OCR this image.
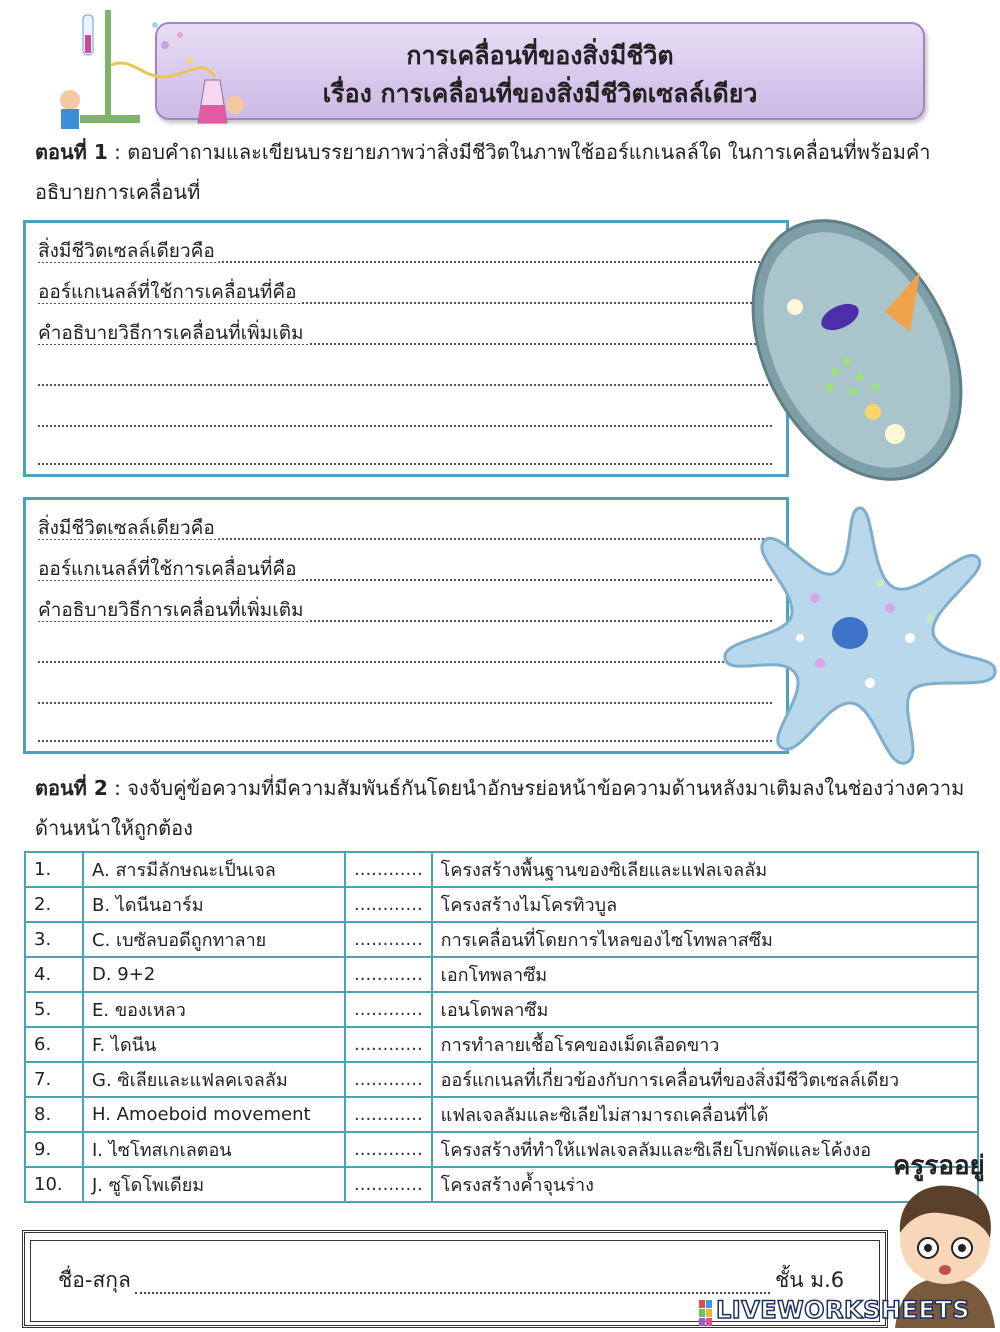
การเคลื่อนที่ของสิ่งมีชีวิต
เรื่อง การเคลื่อนที่ของสิ่งมีชีวิตเซลล์เดียว
ตอนที่ 1 : ตอบคำถามและเขียนบรรยายภาพว่าสิ่งมีชีวิตในภาพใช้ออร์แกเนลล์ใด ในการเคลื่อนที่พร้อมคำอธิบายการเคลื่อนที่
สิ่งมีชีวิตเซลล์เดียวคือ
ออร์แกเนลล์ที่ใช้การเคลื่อนที่คือ
คำอธิบายวิธีการเคลื่อนที่เพิ่มเติม
สิ่งมีชีวิตเซลล์เดียวคือ
ออร์แกเนลล์ที่ใช้การเคลื่อนที่คือ
คำอธิบายวิธีการเคลื่อนที่เพิ่มเติม
ตอนที่ 2 : จงจับคู่ข้อความที่มีความสัมพันธ์กันโดยนำอักษรย่อหน้าข้อความด้านหลังมาเติมลงในช่องว่างความด้านหน้าให้ถูกต้อง
1.	A. สารมีลักษณะเป็นเจล	............	โครงสร้างพื้นฐานของซิเลียและแฟลเจลลัม
2.	B. ไดนีนอาร์ม	............	โครงสร้างไมโครทิวบูล
3.	C. เบซัลบอดีถูกทาลาย	............	การเคลื่อนที่โดยการไหลของไซโทพลาสซึม
4.	D. 9+2	............	เอกโทพลาซึม
5.	E. ของเหลว	............	เอนโดพลาซึม
6.	F. ไดนีน	............	การทำลายเชื้อโรคของเม็ดเลือดขาว
7.	G. ซิเลียและแฟลคเจลลัม	............	ออร์แกเนลที่เกี่ยวข้องกับการเคลื่อนที่ของสิ่งมีชีวิตเซลล์เดียว
8.	H. Amoeboid movement	............	แฟลเจลลัมและซิเลียไม่สามารถเคลื่อนที่ได้
9.	I. ไซโทสเกเลตอน	............	โครงสร้างที่ทำให้แฟลเจลลัมและซิเลียโบกพัดและโค้งงอ
10.	J. ซูโดโพเดียม	............	โครงสร้างค้ำจุนร่าง
ชื่อ-สกุล	ชั้น ม.6
ครูรออยู่
LIVEWORKSHEETS
